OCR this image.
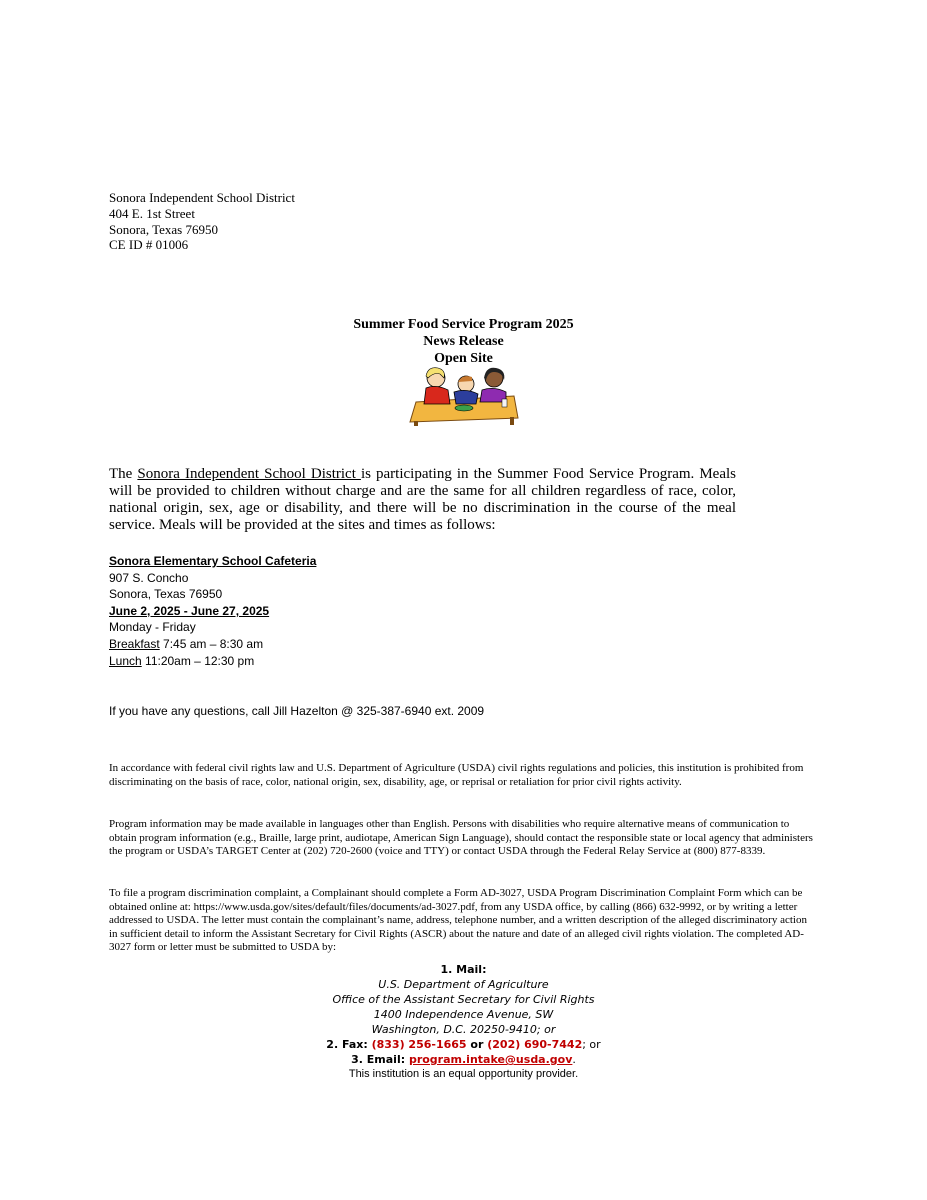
Sonora Independent School District
404 E. 1st Street
Sonora, Texas 76950
CE ID # 01006
Summer Food Service Program 2025
News Release
Open Site
The Sonora Independent School District is participating in the Summer Food Service Program. Meals will be provided to children without charge and are the same for all children regardless of race, color, national origin, sex, age or disability, and there will be no discrimination in the course of the meal service. Meals will be provided at the sites and times as follows:
Sonora Elementary School Cafeteria
907 S. Concho
Sonora, Texas 76950
June 2, 2025 - June 27, 2025
Monday - Friday
Breakfast 7:45 am – 8:30 am
Lunch 11:20am – 12:30 pm
If you have any questions, call Jill Hazelton @ 325-387-6940 ext. 2009
In accordance with federal civil rights law and U.S. Department of Agriculture (USDA) civil rights regulations and policies, this institution is prohibited from discriminating on the basis of race, color, national origin, sex, disability, age, or reprisal or retaliation for prior civil rights activity.
Program information may be made available in languages other than English. Persons with disabilities who require alternative means of communication to obtain program information (e.g., Braille, large print, audiotape, American Sign Language), should contact the responsible state or local agency that administers the program or USDA’s TARGET Center at (202) 720-2600 (voice and TTY) or contact USDA through the Federal Relay Service at (800) 877-8339.
To file a program discrimination complaint, a Complainant should complete a Form AD-3027, USDA Program Discrimination Complaint Form which can be obtained online at: https://www.usda.gov/sites/default/files/documents/ad-3027.pdf, from any USDA office, by calling (866) 632-9992, or by writing a letter addressed to USDA. The letter must contain the complainant’s name, address, telephone number, and a written description of the alleged discriminatory action in sufficient detail to inform the Assistant Secretary for Civil Rights (ASCR) about the nature and date of an alleged civil rights violation. The completed AD-3027 form or letter must be submitted to USDA by:
1. Mail:
U.S. Department of Agriculture
Office of the Assistant Secretary for Civil Rights
1400 Independence Avenue, SW
Washington, D.C. 20250-9410; or
2. Fax: (833) 256-1665 or (202) 690-7442; or
3. Email: program.intake@usda.gov.
This institution is an equal opportunity provider.
